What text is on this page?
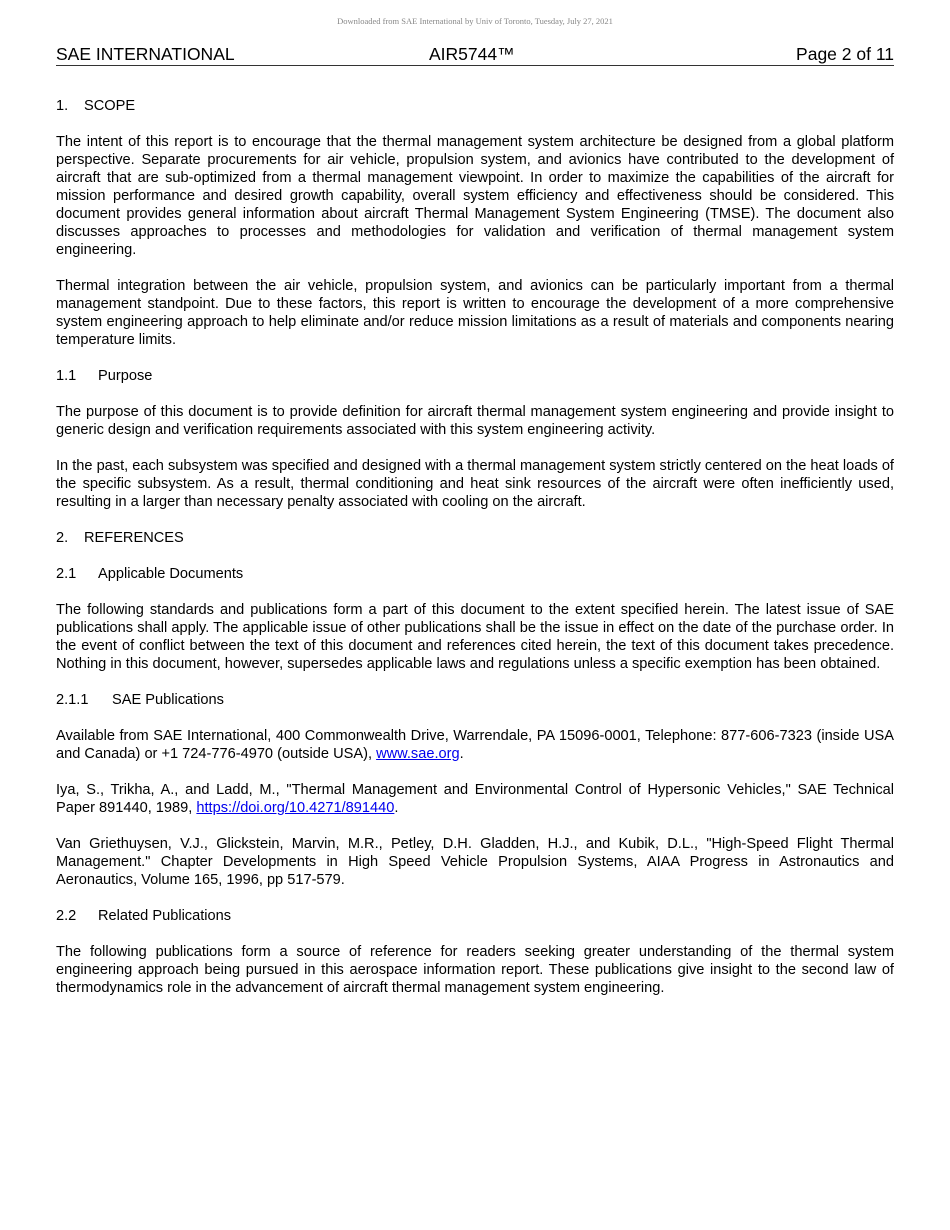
Downloaded from SAE International by Univ of Toronto, Tuesday, July 27, 2021
SAE INTERNATIONAL	AIR5744™	Page 2 of 11

1. SCOPE

The intent of this report is to encourage that the thermal management system architecture be designed from a global platform perspective. Separate procurements for air vehicle, propulsion system, and avionics have contributed to the development of aircraft that are sub-optimized from a thermal management viewpoint. In order to maximize the capabilities of the aircraft for mission performance and desired growth capability, overall system efficiency and effectiveness should be considered. This document provides general information about aircraft Thermal Management System Engineering (TMSE). The document also discusses approaches to processes and methodologies for validation and verification of thermal management system engineering.

Thermal integration between the air vehicle, propulsion system, and avionics can be particularly important from a thermal management standpoint. Due to these factors, this report is written to encourage the development of a more comprehensive system engineering approach to help eliminate and/or reduce mission limitations as a result of materials and components nearing temperature limits.

1.1 Purpose

The purpose of this document is to provide definition for aircraft thermal management system engineering and provide insight to generic design and verification requirements associated with this system engineering activity.

In the past, each subsystem was specified and designed with a thermal management system strictly centered on the heat loads of the specific subsystem. As a result, thermal conditioning and heat sink resources of the aircraft were often inefficiently used, resulting in a larger than necessary penalty associated with cooling on the aircraft.

2. REFERENCES

2.1 Applicable Documents

The following standards and publications form a part of this document to the extent specified herein. The latest issue of SAE publications shall apply. The applicable issue of other publications shall be the issue in effect on the date of the purchase order. In the event of conflict between the text of this document and references cited herein, the text of this document takes precedence. Nothing in this document, however, supersedes applicable laws and regulations unless a specific exemption has been obtained.

2.1.1 SAE Publications

Available from SAE International, 400 Commonwealth Drive, Warrendale, PA 15096-0001, Telephone: 877-606-7323 (inside USA and Canada) or +1 724-776-4970 (outside USA), www.sae.org.

Iya, S., Trikha, A., and Ladd, M., "Thermal Management and Environmental Control of Hypersonic Vehicles," SAE Technical Paper 891440, 1989, https://doi.org/10.4271/891440.

Van Griethuysen, V.J., Glickstein, Marvin, M.R., Petley, D.H. Gladden, H.J., and Kubik, D.L., "High-Speed Flight Thermal Management." Chapter Developments in High Speed Vehicle Propulsion Systems, AIAA Progress in Astronautics and Aeronautics, Volume 165, 1996, pp 517-579.

2.2 Related Publications

The following publications form a source of reference for readers seeking greater understanding of the thermal system engineering approach being pursued in this aerospace information report. These publications give insight to the second law of thermodynamics role in the advancement of aircraft thermal management system engineering.
